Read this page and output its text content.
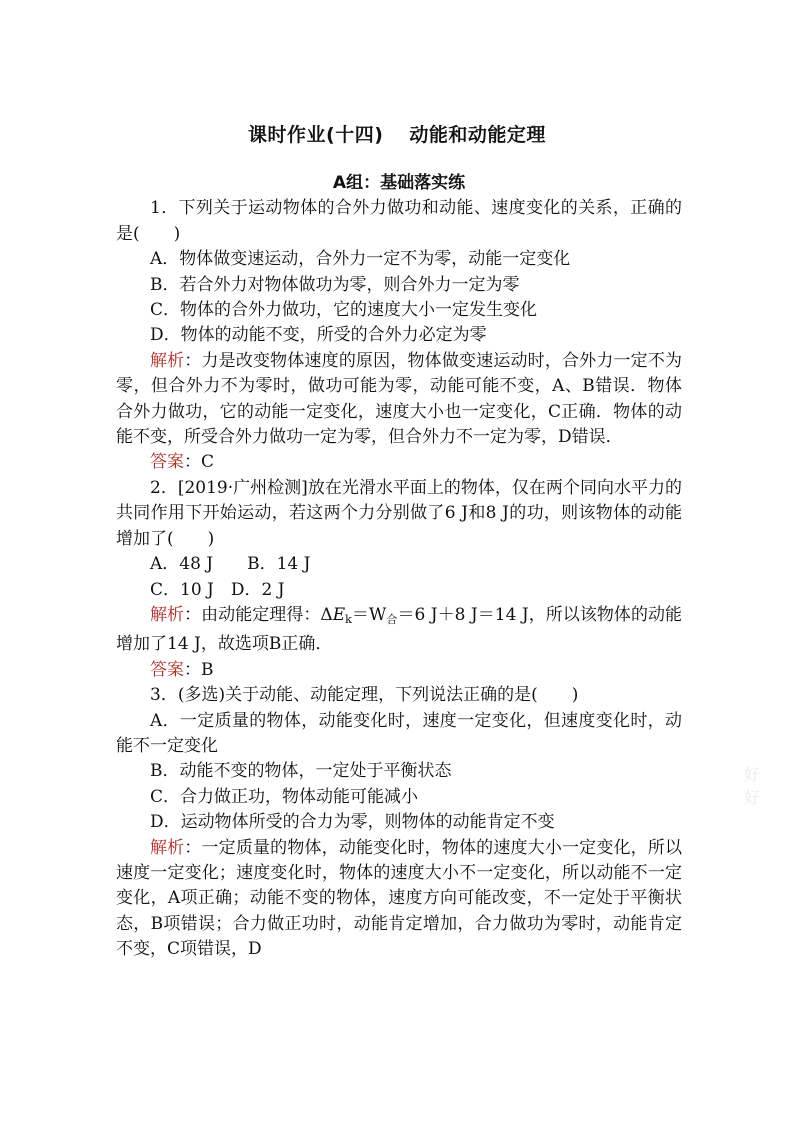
课时作业(十四) 动能和动能定理

A组：基础落实练

1．下列关于运动物体的合外力做功和动能、速度变化的关系，正确的是(　　)

A．物体做变速运动，合外力一定不为零，动能一定变化

B．若合外力对物体做功为零，则合外力一定为零

C．物体的合外力做功，它的速度大小一定发生变化

D．物体的动能不变，所受的合外力必定为零

解析：力是改变物体速度的原因，物体做变速运动时，合外力一定不为零，但合外力不为零时，做功可能为零，动能可能不变，A、B错误．物体合外力做功，它的动能一定变化，速度大小也一定变化，C正确．物体的动能不变，所受合外力做功一定为零，但合外力不一定为零，D错误．

答案：C

2．[2019·广州检测]放在光滑水平面上的物体，仅在两个同向水平力的共同作用下开始运动，若这两个力分别做了6 J和8 J的功，则该物体的动能增加了(　　)

A．48 J　　B．14 J

C．10 J　D．2 J

解析：由动能定理得：$\Delta E_k=W_合=6$ J＋8 J＝14 J，所以该物体的动能增加了14 J，故选项B正确．

答案：B

3．(多选)关于动能、动能定理，下列说法正确的是(　　)

A．一定质量的物体，动能变化时，速度一定变化，但速度变化时，动能不一定变化

B．动能不变的物体，一定处于平衡状态

C．合力做正功，物体动能可能减小

D．运动物体所受的合力为零，则物体的动能肯定不变

解析：一定质量的物体，动能变化时，物体的速度大小一定变化，所以速度一定变化；速度变化时，物体的速度大小不一定变化，所以动能不一定变化，A项正确；动能不变的物体，速度方向可能改变，不一定处于平衡状态，B项错误；合力做正功时，动能肯定增加，合力做功为零时，动能肯定不变，C项错误，D

好好
